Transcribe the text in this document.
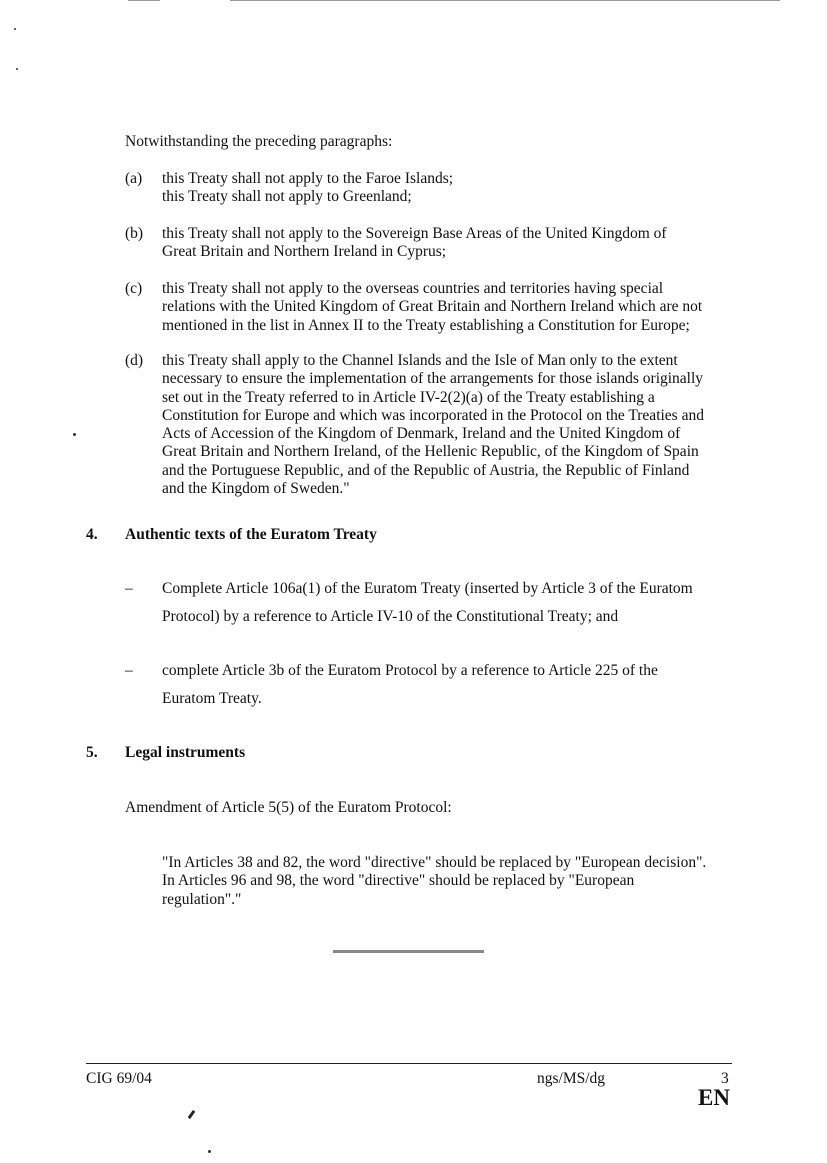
Notwithstanding the preceding paragraphs:
(a) this Treaty shall not apply to the Faroe Islands;
this Treaty shall not apply to Greenland;
(b) this Treaty shall not apply to the Sovereign Base Areas of the United Kingdom of
Great Britain and Northern Ireland in Cyprus;
(c) this Treaty shall not apply to the overseas countries and territories having special
relations with the United Kingdom of Great Britain and Northern Ireland which are not
mentioned in the list in Annex II to the Treaty establishing a Constitution for Europe;
(d) this Treaty shall apply to the Channel Islands and the Isle of Man only to the extent
necessary to ensure the implementation of the arrangements for those islands originally
set out in the Treaty referred to in Article IV-2(2)(a) of the Treaty establishing a
Constitution for Europe and which was incorporated in the Protocol on the Treaties and
Acts of Accession of the Kingdom of Denmark, Ireland and the United Kingdom of
Great Britain and Northern Ireland, of the Hellenic Republic, of the Kingdom of Spain
and the Portuguese Republic, and of the Republic of Austria, the Republic of Finland
and the Kingdom of Sweden."
4. Authentic texts of the Euratom Treaty
– Complete Article 106a(1) of the Euratom Treaty (inserted by Article 3 of the Euratom
Protocol) by a reference to Article IV-10 of the Constitutional Treaty; and
– complete Article 3b of the Euratom Protocol by a reference to Article 225 of the
Euratom Treaty.
5. Legal instruments
Amendment of Article 5(5) of the Euratom Protocol:
"In Articles 38 and 82, the word "directive" should be replaced by "European decision".
In Articles 96 and 98, the word "directive" should be replaced by "European
regulation"."
CIG 69/04	ngs/MS/dg	3
EN
